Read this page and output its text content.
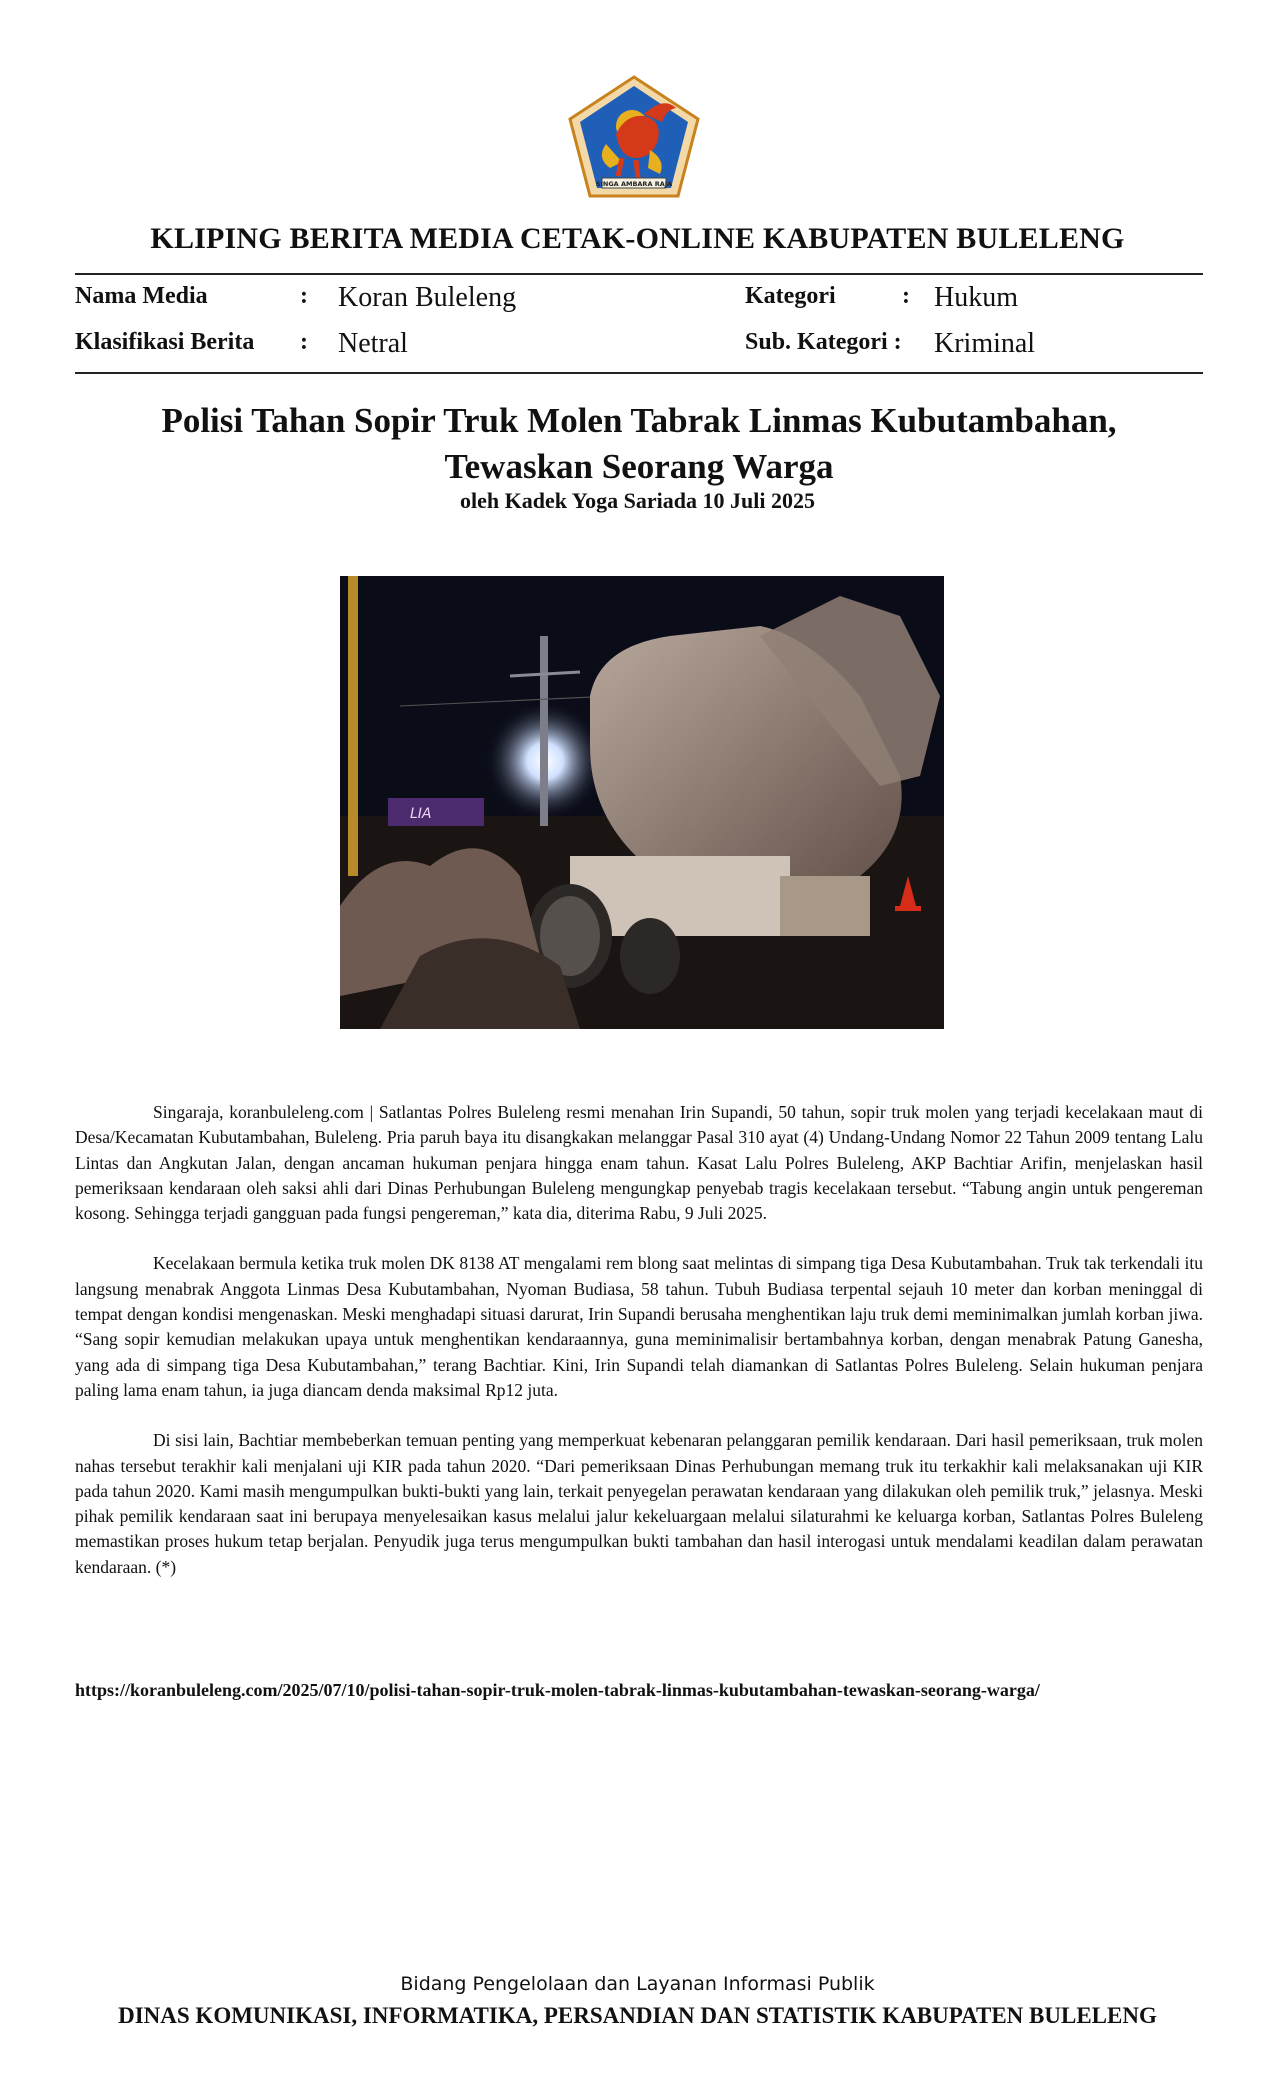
SINGA AMBARA RAJA
KLIPING BERITA MEDIA CETAK-ONLINE KABUPATEN BULELENG
Nama Media	: Koran Buleleng	Kategori	: Hukum
Klasifikasi Berita : Netral	Sub. Kategori : Kriminal
Polisi Tahan Sopir Truk Molen Tabrak Linmas Kubutambahan,
Tewaskan Seorang Warga
oleh Kadek Yoga Sariada 10 Juli 2025
LIA

Singaraja, koranbuleleng.com | Satlantas Polres Buleleng resmi menahan Irin Supandi, 50 tahun, sopir truk molen yang terjadi kecelakaan maut di Desa/Kecamatan Kubutambahan, Buleleng. Pria paruh baya itu disangkakan melanggar Pasal 310 ayat (4) Undang-Undang Nomor 22 Tahun 2009 tentang Lalu Lintas dan Angkutan Jalan, dengan ancaman hukuman penjara hingga enam tahun. Kasat Lalu Polres Buleleng, AKP Bachtiar Arifin, menjelaskan hasil pemeriksaan kendaraan oleh saksi ahli dari Dinas Perhubungan Buleleng mengungkap penyebab tragis kecelakaan tersebut. “Tabung angin untuk pengereman kosong. Sehingga terjadi gangguan pada fungsi pengereman,” kata dia, diterima Rabu, 9 Juli 2025.

Kecelakaan bermula ketika truk molen DK 8138 AT mengalami rem blong saat melintas di simpang tiga Desa Kubutambahan. Truk tak terkendali itu langsung menabrak Anggota Linmas Desa Kubutambahan, Nyoman Budiasa, 58 tahun. Tubuh Budiasa terpental sejauh 10 meter dan korban meninggal di tempat dengan kondisi mengenaskan. Meski menghadapi situasi darurat, Irin Supandi berusaha menghentikan laju truk demi meminimalkan jumlah korban jiwa. “Sang sopir kemudian melakukan upaya untuk menghentikan kendaraannya, guna meminimalisir bertambahnya korban, dengan menabrak Patung Ganesha, yang ada di simpang tiga Desa Kubutambahan,” terang Bachtiar. Kini, Irin Supandi telah diamankan di Satlantas Polres Buleleng. Selain hukuman penjara paling lama enam tahun, ia juga diancam denda maksimal Rp12 juta.

Di sisi lain, Bachtiar membeberkan temuan penting yang memperkuat kebenaran pelanggaran pemilik kendaraan. Dari hasil pemeriksaan, truk molen nahas tersebut terakhir kali menjalani uji KIR pada tahun 2020. “Dari pemeriksaan Dinas Perhubungan memang truk itu terkakhir kali melaksanakan uji KIR pada tahun 2020. Kami masih mengumpulkan bukti-bukti yang lain, terkait penyegelan perawatan kendaraan yang dilakukan oleh pemilik truk,” jelasnya. Meski pihak pemilik kendaraan saat ini berupaya menyelesaikan kasus melalui jalur kekeluargaan melalui silaturahmi ke keluarga korban, Satlantas Polres Buleleng memastikan proses hukum tetap berjalan. Penyudik juga terus mengumpulkan bukti tambahan dan hasil interogasi untuk mendalami keadilan dalam perawatan kendaraan. (*)

https://koranbuleleng.com/2025/07/10/polisi-tahan-sopir-truk-molen-tabrak-linmas-kubutambahan-tewaskan-seorang-warga/
Bidang Pengelolaan dan Layanan Informasi Publik
DINAS KOMUNIKASI, INFORMATIKA, PERSANDIAN DAN STATISTIK KABUPATEN BULELENG
